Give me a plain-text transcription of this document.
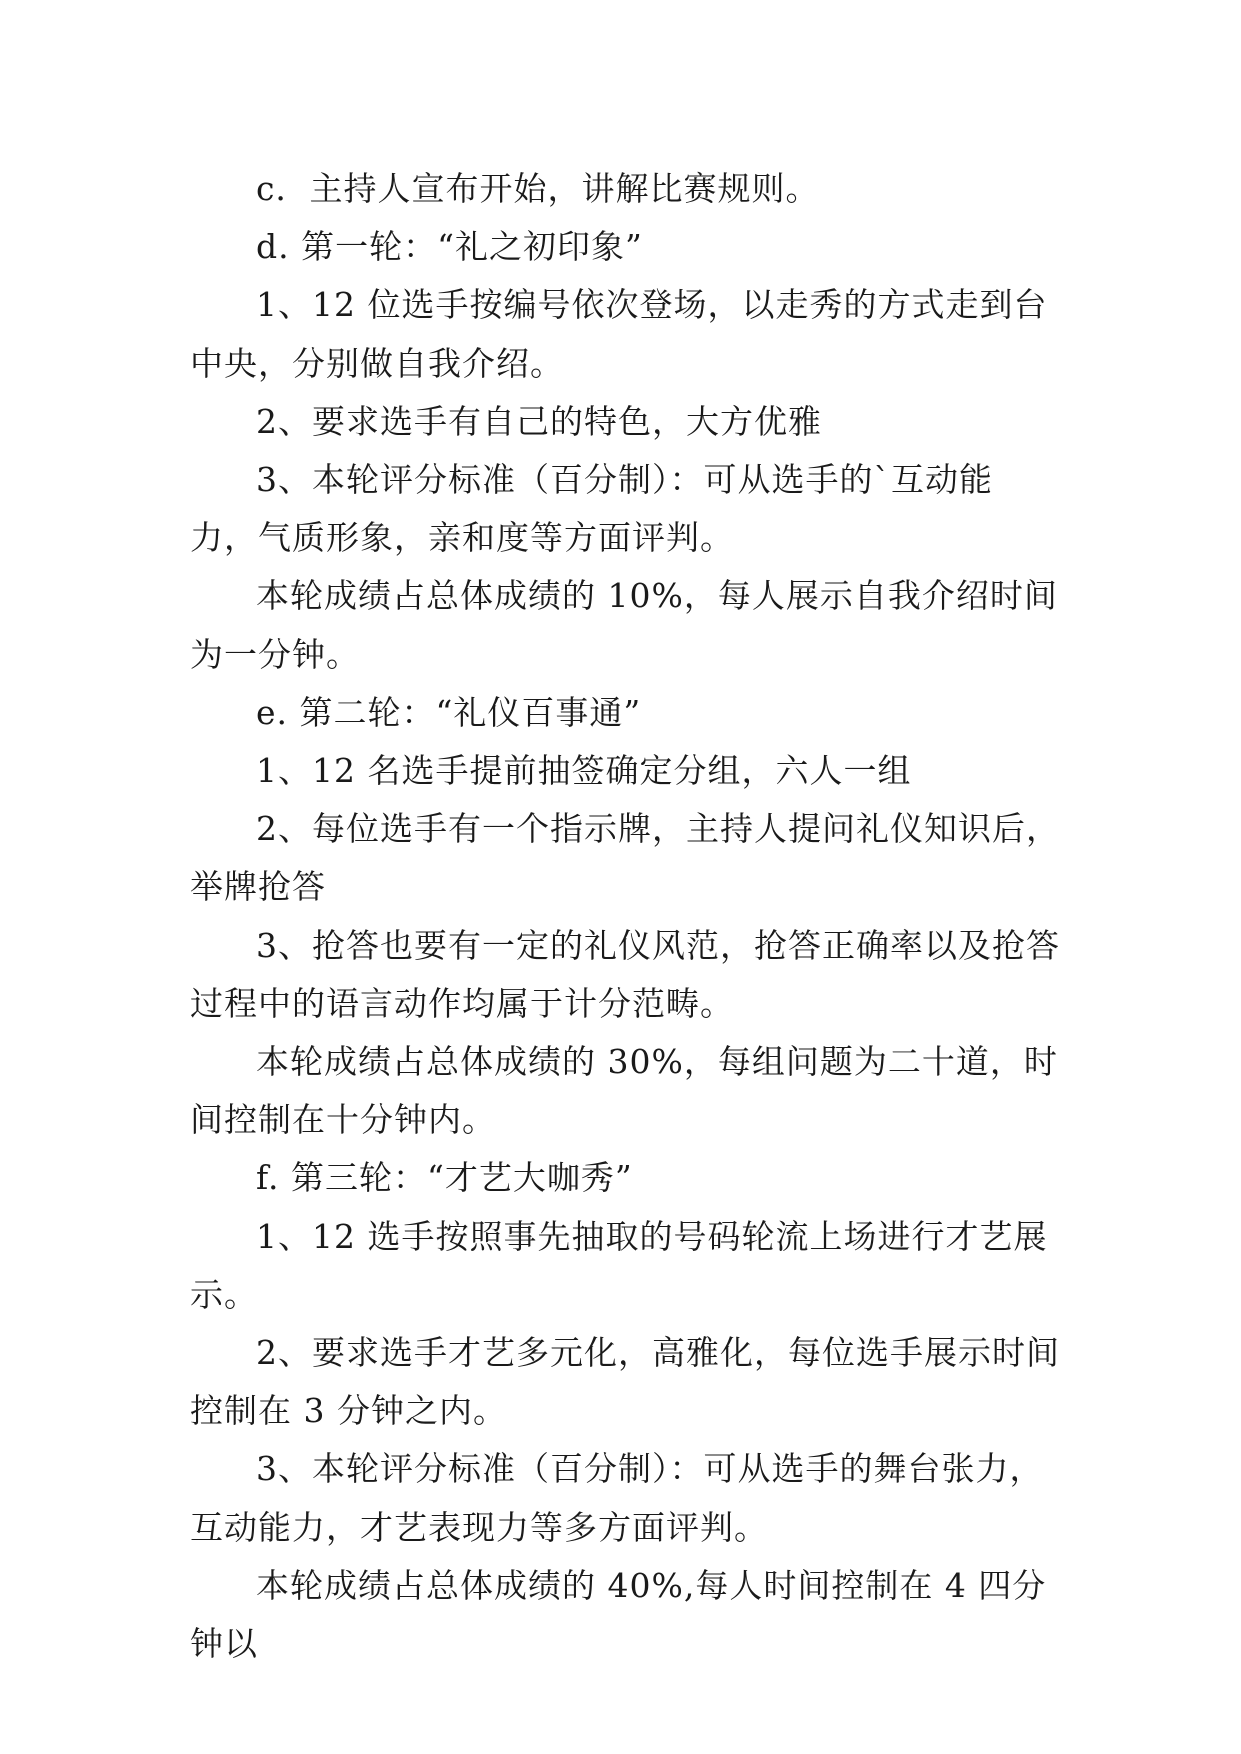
c．主持人宣布开始，讲解比赛规则。

d. 第一轮：“礼之初印象”

1、12 位选手按编号依次登场，以走秀的方式走到台中央，分别做自我介绍。

2、要求选手有自己的特色，大方优雅

3、本轮评分标准（百分制）：可从选手的`互动能力，气质形象，亲和度等方面评判。

本轮成绩占总体成绩的 10%，每人展示自我介绍时间为一分钟。

e. 第二轮：“礼仪百事通”

1、12 名选手提前抽签确定分组，六人一组

2、每位选手有一个指示牌，主持人提问礼仪知识后，举牌抢答

3、抢答也要有一定的礼仪风范，抢答正确率以及抢答过程中的语言动作均属于计分范畴。

本轮成绩占总体成绩的 30%，每组问题为二十道，时间控制在十分钟内。

f. 第三轮：“才艺大咖秀”

1、12 选手按照事先抽取的号码轮流上场进行才艺展示。

2、要求选手才艺多元化，高雅化，每位选手展示时间控制在 3 分钟之内。

3、本轮评分标准（百分制）：可从选手的舞台张力，互动能力，才艺表现力等多方面评判。

本轮成绩占总体成绩的 40%,每人时间控制在 4 四分钟以
